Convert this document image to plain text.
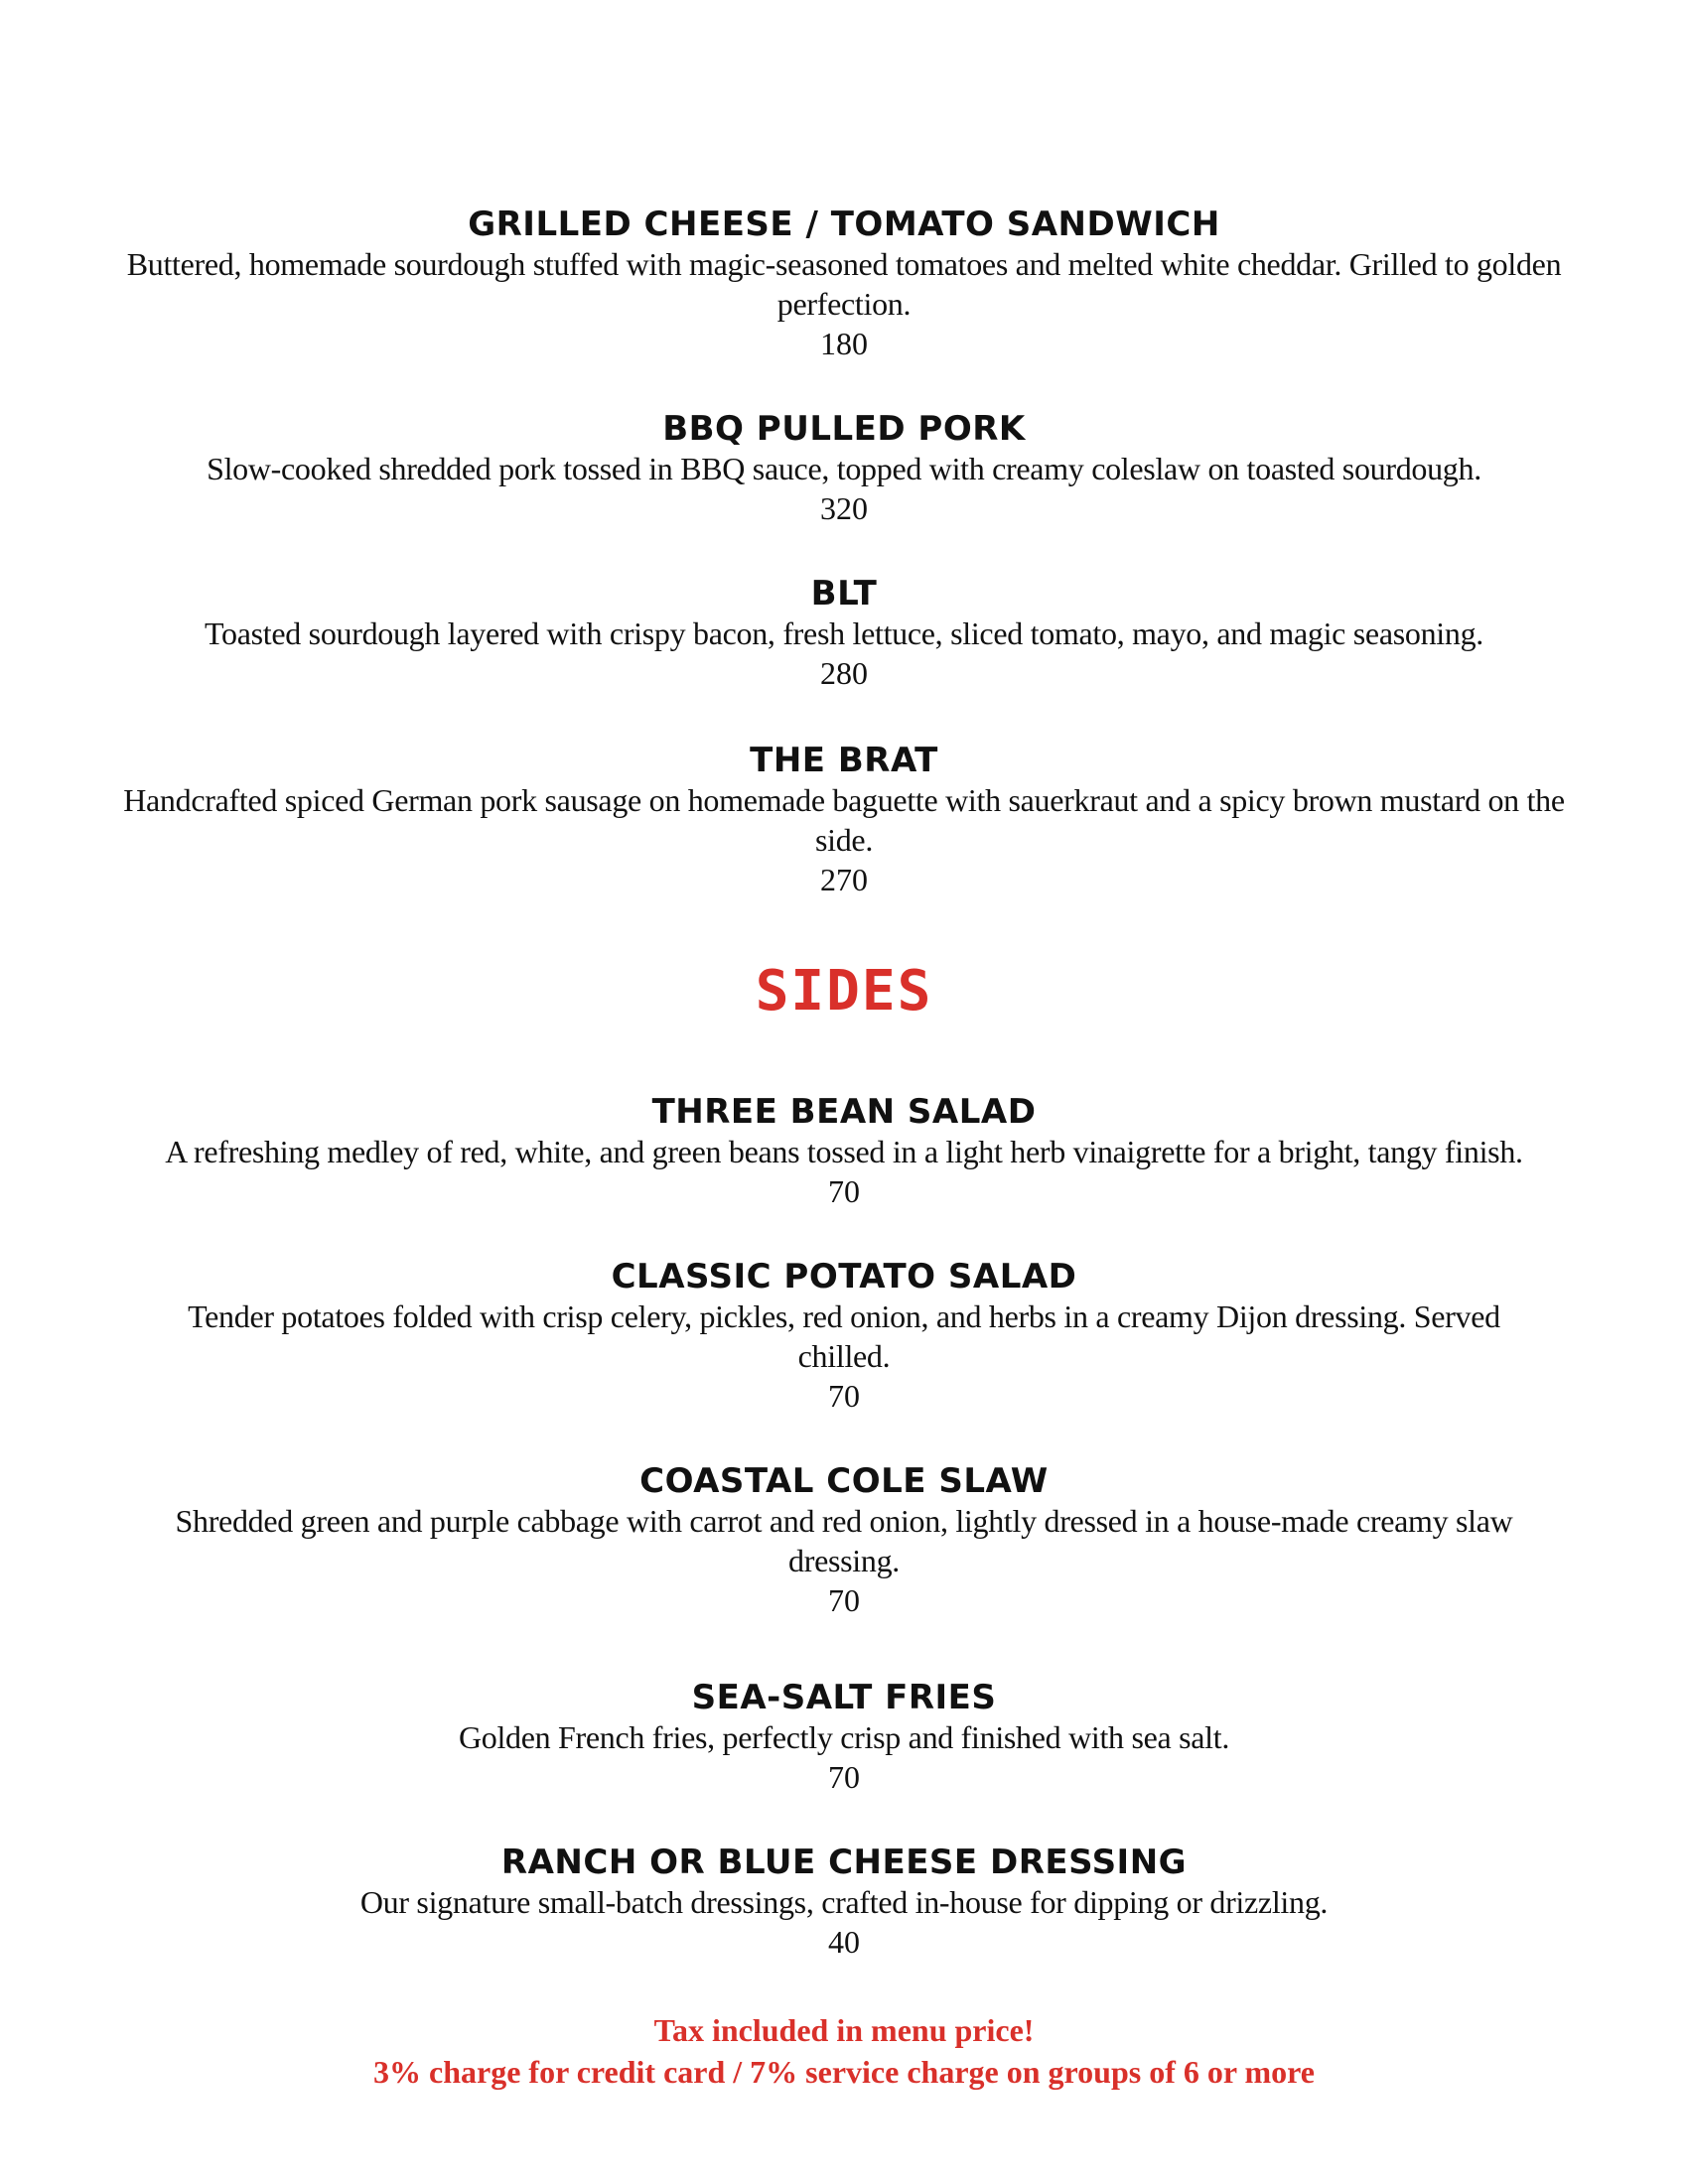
GRILLED CHEESE / TOMATO SANDWICH
Buttered, homemade sourdough stuffed with magic-seasoned tomatoes and melted white cheddar. Grilled to golden perfection.
180
BBQ PULLED PORK
Slow-cooked shredded pork tossed in BBQ sauce, topped with creamy coleslaw on toasted sourdough.
320
BLT
Toasted sourdough layered with crispy bacon, fresh lettuce, sliced tomato, mayo, and magic seasoning.
280
THE BRAT
Handcrafted spiced German pork sausage on homemade baguette with sauerkraut and a spicy brown mustard on the side.
270
SIDES
THREE BEAN SALAD
A refreshing medley of red, white, and green beans tossed in a light herb vinaigrette for a bright, tangy finish.
70
CLASSIC POTATO SALAD
Tender potatoes folded with crisp celery, pickles, red onion, and herbs in a creamy Dijon dressing. Served chilled.
70
COASTAL COLE SLAW
Shredded green and purple cabbage with carrot and red onion, lightly dressed in a house-made creamy slaw dressing.
70
SEA-SALT FRIES
Golden French fries, perfectly crisp and finished with sea salt.
70
RANCH OR BLUE CHEESE DRESSING
Our signature small-batch dressings, crafted in-house for dipping or drizzling.
40
Tax included in menu price!
3% charge for credit card / 7% service charge on groups of 6 or more
